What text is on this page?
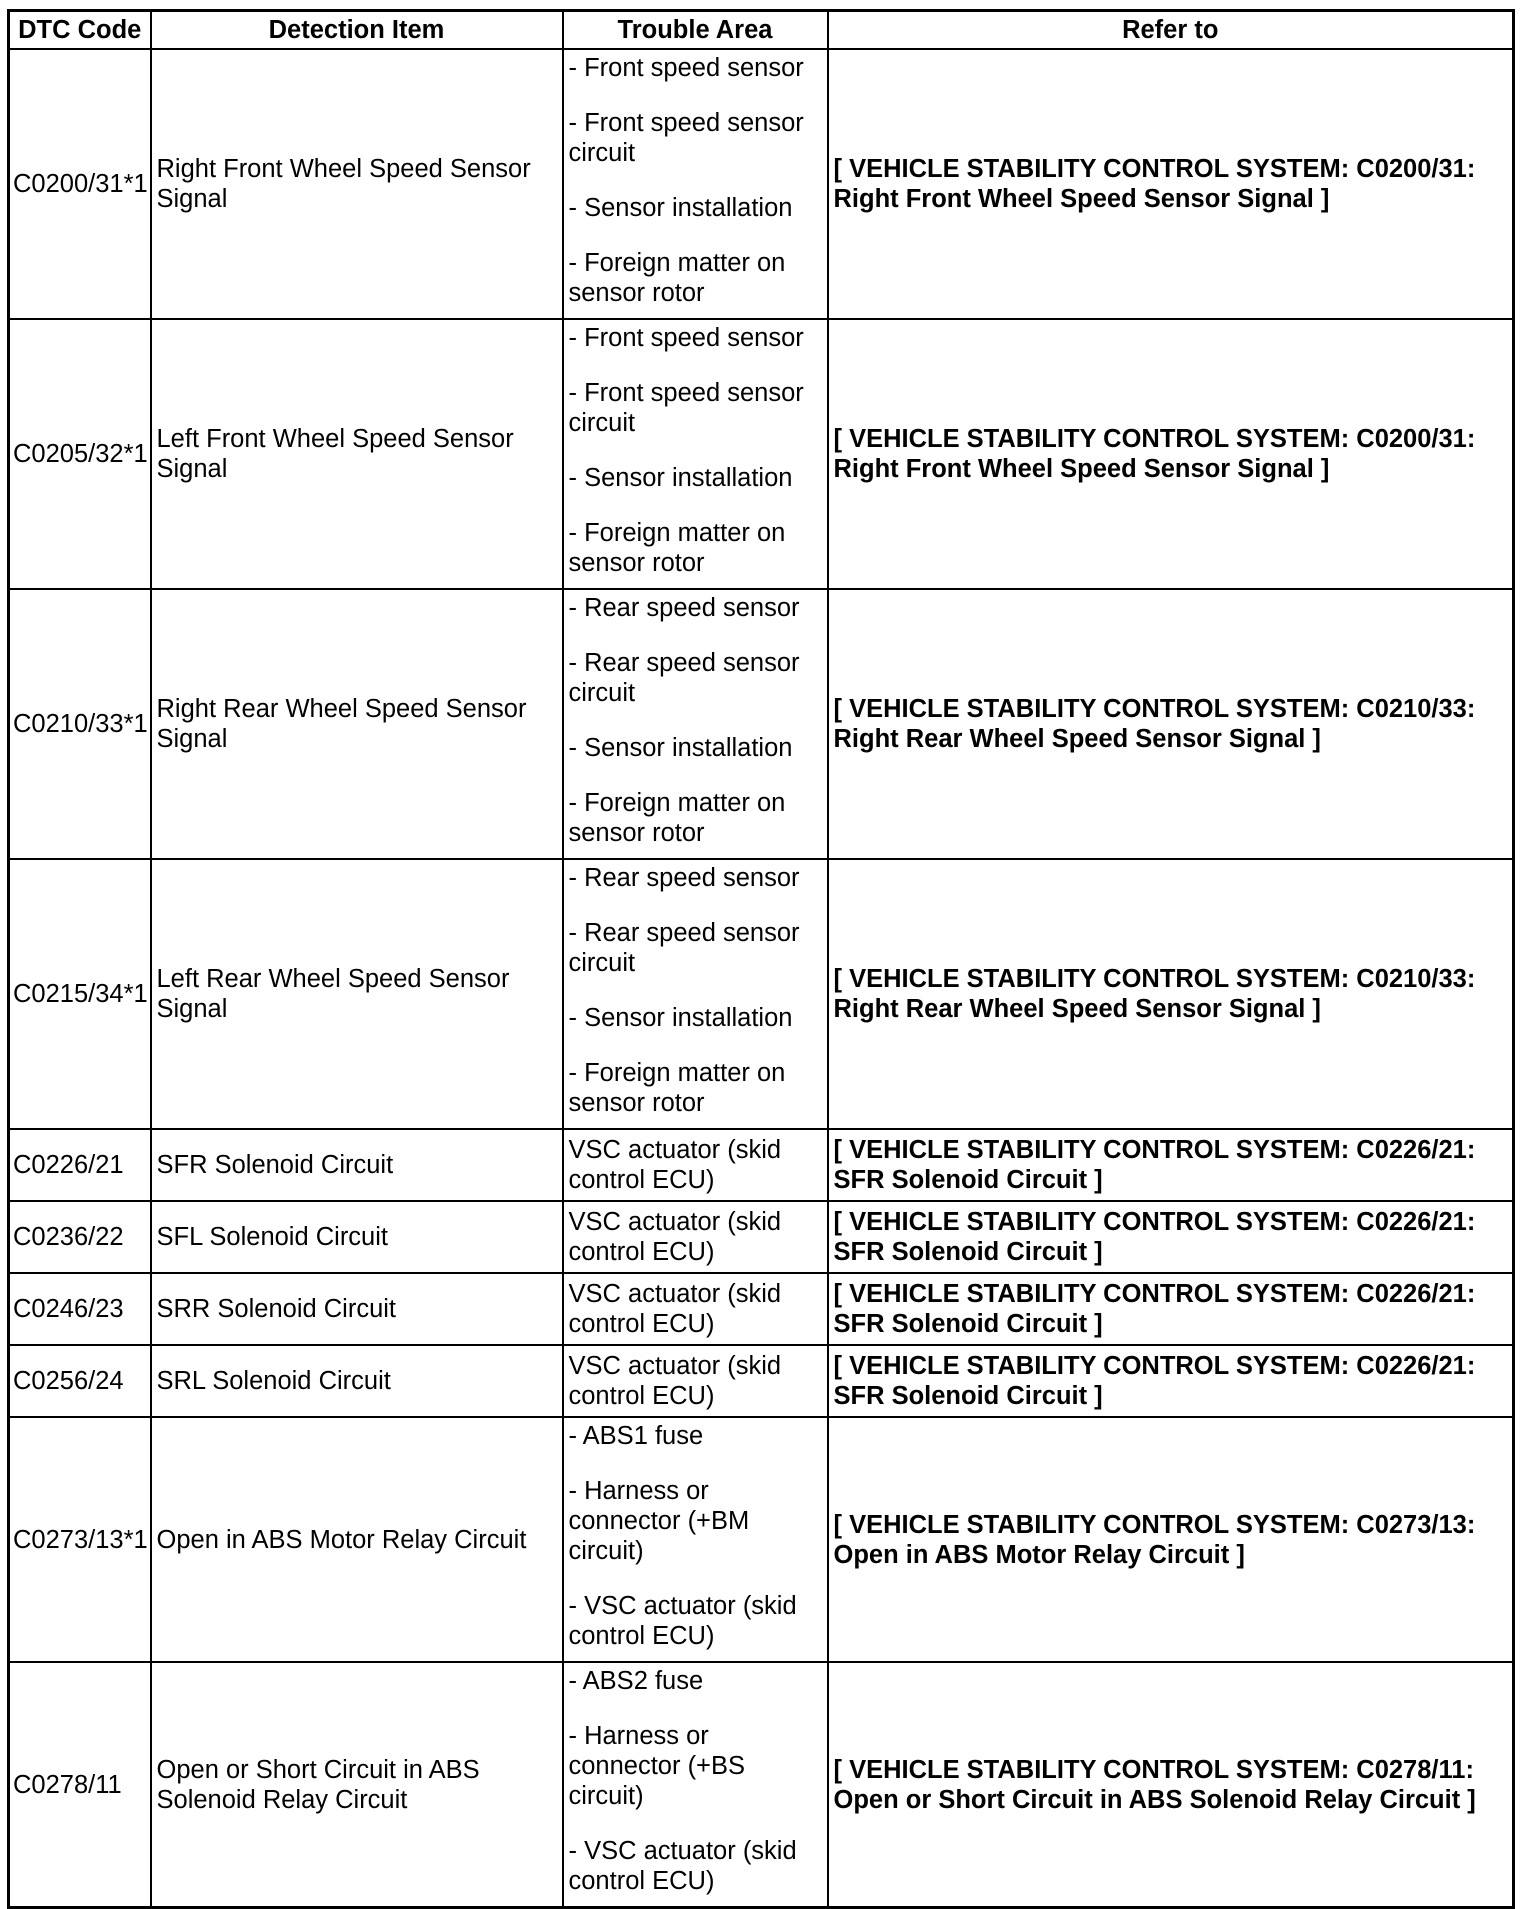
DTC Code	Detection Item	Trouble Area	Refer to
C0200/31*1	Right Front Wheel Speed Sensor Signal	- Front speed sensor
- Front speed sensor circuit
- Sensor installation
- Foreign matter on sensor rotor	[ VEHICLE STABILITY CONTROL SYSTEM: C0200/31: Right Front Wheel Speed Sensor Signal ]
C0205/32*1	Left Front Wheel Speed Sensor Signal	- Front speed sensor
- Front speed sensor circuit
- Sensor installation
- Foreign matter on sensor rotor	[ VEHICLE STABILITY CONTROL SYSTEM: C0200/31: Right Front Wheel Speed Sensor Signal ]
C0210/33*1	Right Rear Wheel Speed Sensor Signal	- Rear speed sensor
- Rear speed sensor circuit
- Sensor installation
- Foreign matter on sensor rotor	[ VEHICLE STABILITY CONTROL SYSTEM: C0210/33: Right Rear Wheel Speed Sensor Signal ]
C0215/34*1	Left Rear Wheel Speed Sensor Signal	- Rear speed sensor
- Rear speed sensor circuit
- Sensor installation
- Foreign matter on sensor rotor	[ VEHICLE STABILITY CONTROL SYSTEM: C0210/33: Right Rear Wheel Speed Sensor Signal ]
C0226/21	SFR Solenoid Circuit	VSC actuator (skid control ECU)	[ VEHICLE STABILITY CONTROL SYSTEM: C0226/21: SFR Solenoid Circuit ]
C0236/22	SFL Solenoid Circuit	VSC actuator (skid control ECU)	[ VEHICLE STABILITY CONTROL SYSTEM: C0226/21: SFR Solenoid Circuit ]
C0246/23	SRR Solenoid Circuit	VSC actuator (skid control ECU)	[ VEHICLE STABILITY CONTROL SYSTEM: C0226/21: SFR Solenoid Circuit ]
C0256/24	SRL Solenoid Circuit	VSC actuator (skid control ECU)	[ VEHICLE STABILITY CONTROL SYSTEM: C0226/21: SFR Solenoid Circuit ]
C0273/13*1	Open in ABS Motor Relay Circuit	- ABS1 fuse
- Harness or connector (+BM circuit)
- VSC actuator (skid control ECU)	[ VEHICLE STABILITY CONTROL SYSTEM: C0273/13: Open in ABS Motor Relay Circuit ]
C0278/11	Open or Short Circuit in ABS Solenoid Relay Circuit	- ABS2 fuse
- Harness or connector (+BS circuit)
- VSC actuator (skid control ECU)	[ VEHICLE STABILITY CONTROL SYSTEM: C0278/11: Open or Short Circuit in ABS Solenoid Relay Circuit ]
